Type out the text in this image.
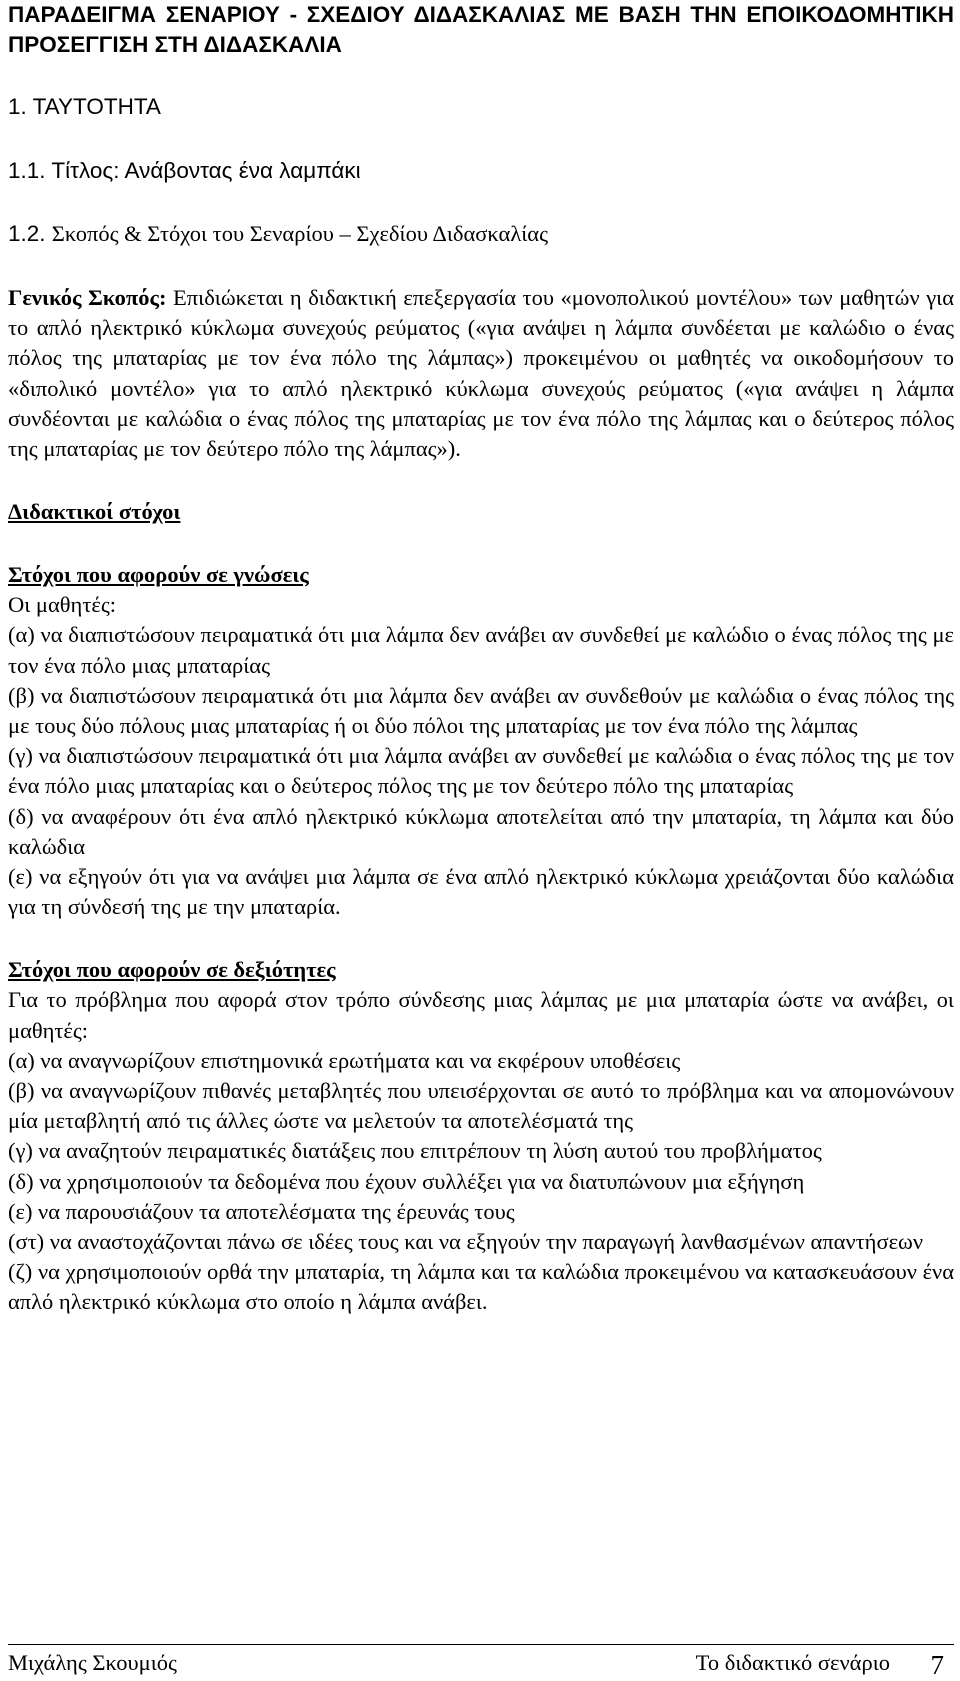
ΠΑΡΑΔΕΙΓΜΑ ΣΕΝΑΡΙΟΥ - ΣΧΕΔΙΟΥ ΔΙΔΑΣΚΑΛΙΑΣ ΜΕ ΒΑΣΗ ΤΗΝ ΕΠΟΙΚΟΔΟΜΗΤΙΚΗ ΠΡΟΣΕΓΓΙΣΗ ΣΤΗ ΔΙΔΑΣΚΑΛΙΑ

1. ΤΑΥΤΟΤΗΤΑ

1.1. Τίτλος: Ανάβοντας ένα λαμπάκι

1.2. Σκοπός & Στόχοι του Σεναρίου – Σχεδίου Διδασκαλίας

Γενικός Σκοπός: Επιδιώκεται η διδακτική επεξεργασία του «μονοπολικού μοντέλου» των μαθητών για το απλό ηλεκτρικό κύκλωμα συνεχούς ρεύματος («για ανάψει η λάμπα συνδέεται με καλώδιο ο ένας πόλος της μπαταρίας με τον ένα πόλο της λάμπας») προκειμένου οι μαθητές να οικοδομήσουν το «διπολικό μοντέλο» για το απλό ηλεκτρικό κύκλωμα συνεχούς ρεύματος («για ανάψει η λάμπα συνδέονται με καλώδια ο ένας πόλος της μπαταρίας με τον ένα πόλο της λάμπας και ο δεύτερος πόλος της μπαταρίας με τον δεύτερο πόλο της λάμπας»).

Διδακτικοί στόχοι

Στόχοι που αφορούν σε γνώσεις

Οι μαθητές:

(α) να διαπιστώσουν πειραματικά ότι μια λάμπα δεν ανάβει αν συνδεθεί με καλώδιο ο ένας πόλος της με τον ένα πόλο μιας μπαταρίας

(β) να διαπιστώσουν πειραματικά ότι μια λάμπα δεν ανάβει αν συνδεθούν με καλώδια ο ένας πόλος της με τους δύο πόλους μιας μπαταρίας ή οι δύο πόλοι της μπαταρίας με τον ένα πόλο της λάμπας

(γ) να διαπιστώσουν πειραματικά ότι μια λάμπα ανάβει αν συνδεθεί με καλώδια ο ένας πόλος της με τον ένα πόλο μιας μπαταρίας και ο δεύτερος πόλος της με τον δεύτερο πόλο της μπαταρίας

(δ) να αναφέρουν ότι ένα απλό ηλεκτρικό κύκλωμα αποτελείται από την μπαταρία, τη λάμπα και δύο καλώδια

(ε) να εξηγούν ότι για να ανάψει μια λάμπα σε ένα απλό ηλεκτρικό κύκλωμα χρειάζονται δύο καλώδια για τη σύνδεσή της με την μπαταρία.

Στόχοι που αφορούν σε δεξιότητες

Για το πρόβλημα που αφορά στον τρόπο σύνδεσης μιας λάμπας με μια μπαταρία ώστε να ανάβει, οι μαθητές:

(α) να αναγνωρίζουν επιστημονικά ερωτήματα και να εκφέρουν υποθέσεις

(β) να αναγνωρίζουν πιθανές μεταβλητές που υπεισέρχονται σε αυτό το πρόβλημα και να απομονώνουν μία μεταβλητή από τις άλλες ώστε να μελετούν τα αποτελέσματά της

(γ) να αναζητούν πειραματικές διατάξεις που επιτρέπουν τη λύση αυτού του προβλήματος

(δ) να χρησιμοποιούν τα δεδομένα που έχουν συλλέξει για να διατυπώνουν μια εξήγηση

(ε) να παρουσιάζουν τα αποτελέσματα της έρευνάς τους

(στ) να αναστοχάζονται πάνω σε ιδέες τους και να εξηγούν την παραγωγή λανθασμένων απαντήσεων

(ζ) να χρησιμοποιούν ορθά την μπαταρία, τη λάμπα και τα καλώδια προκειμένου να κατασκευάσουν ένα απλό ηλεκτρικό κύκλωμα στο οποίο η λάμπα ανάβει.

Μιχάλης Σκουμιός	Το διδακτικό σενάριο 7
